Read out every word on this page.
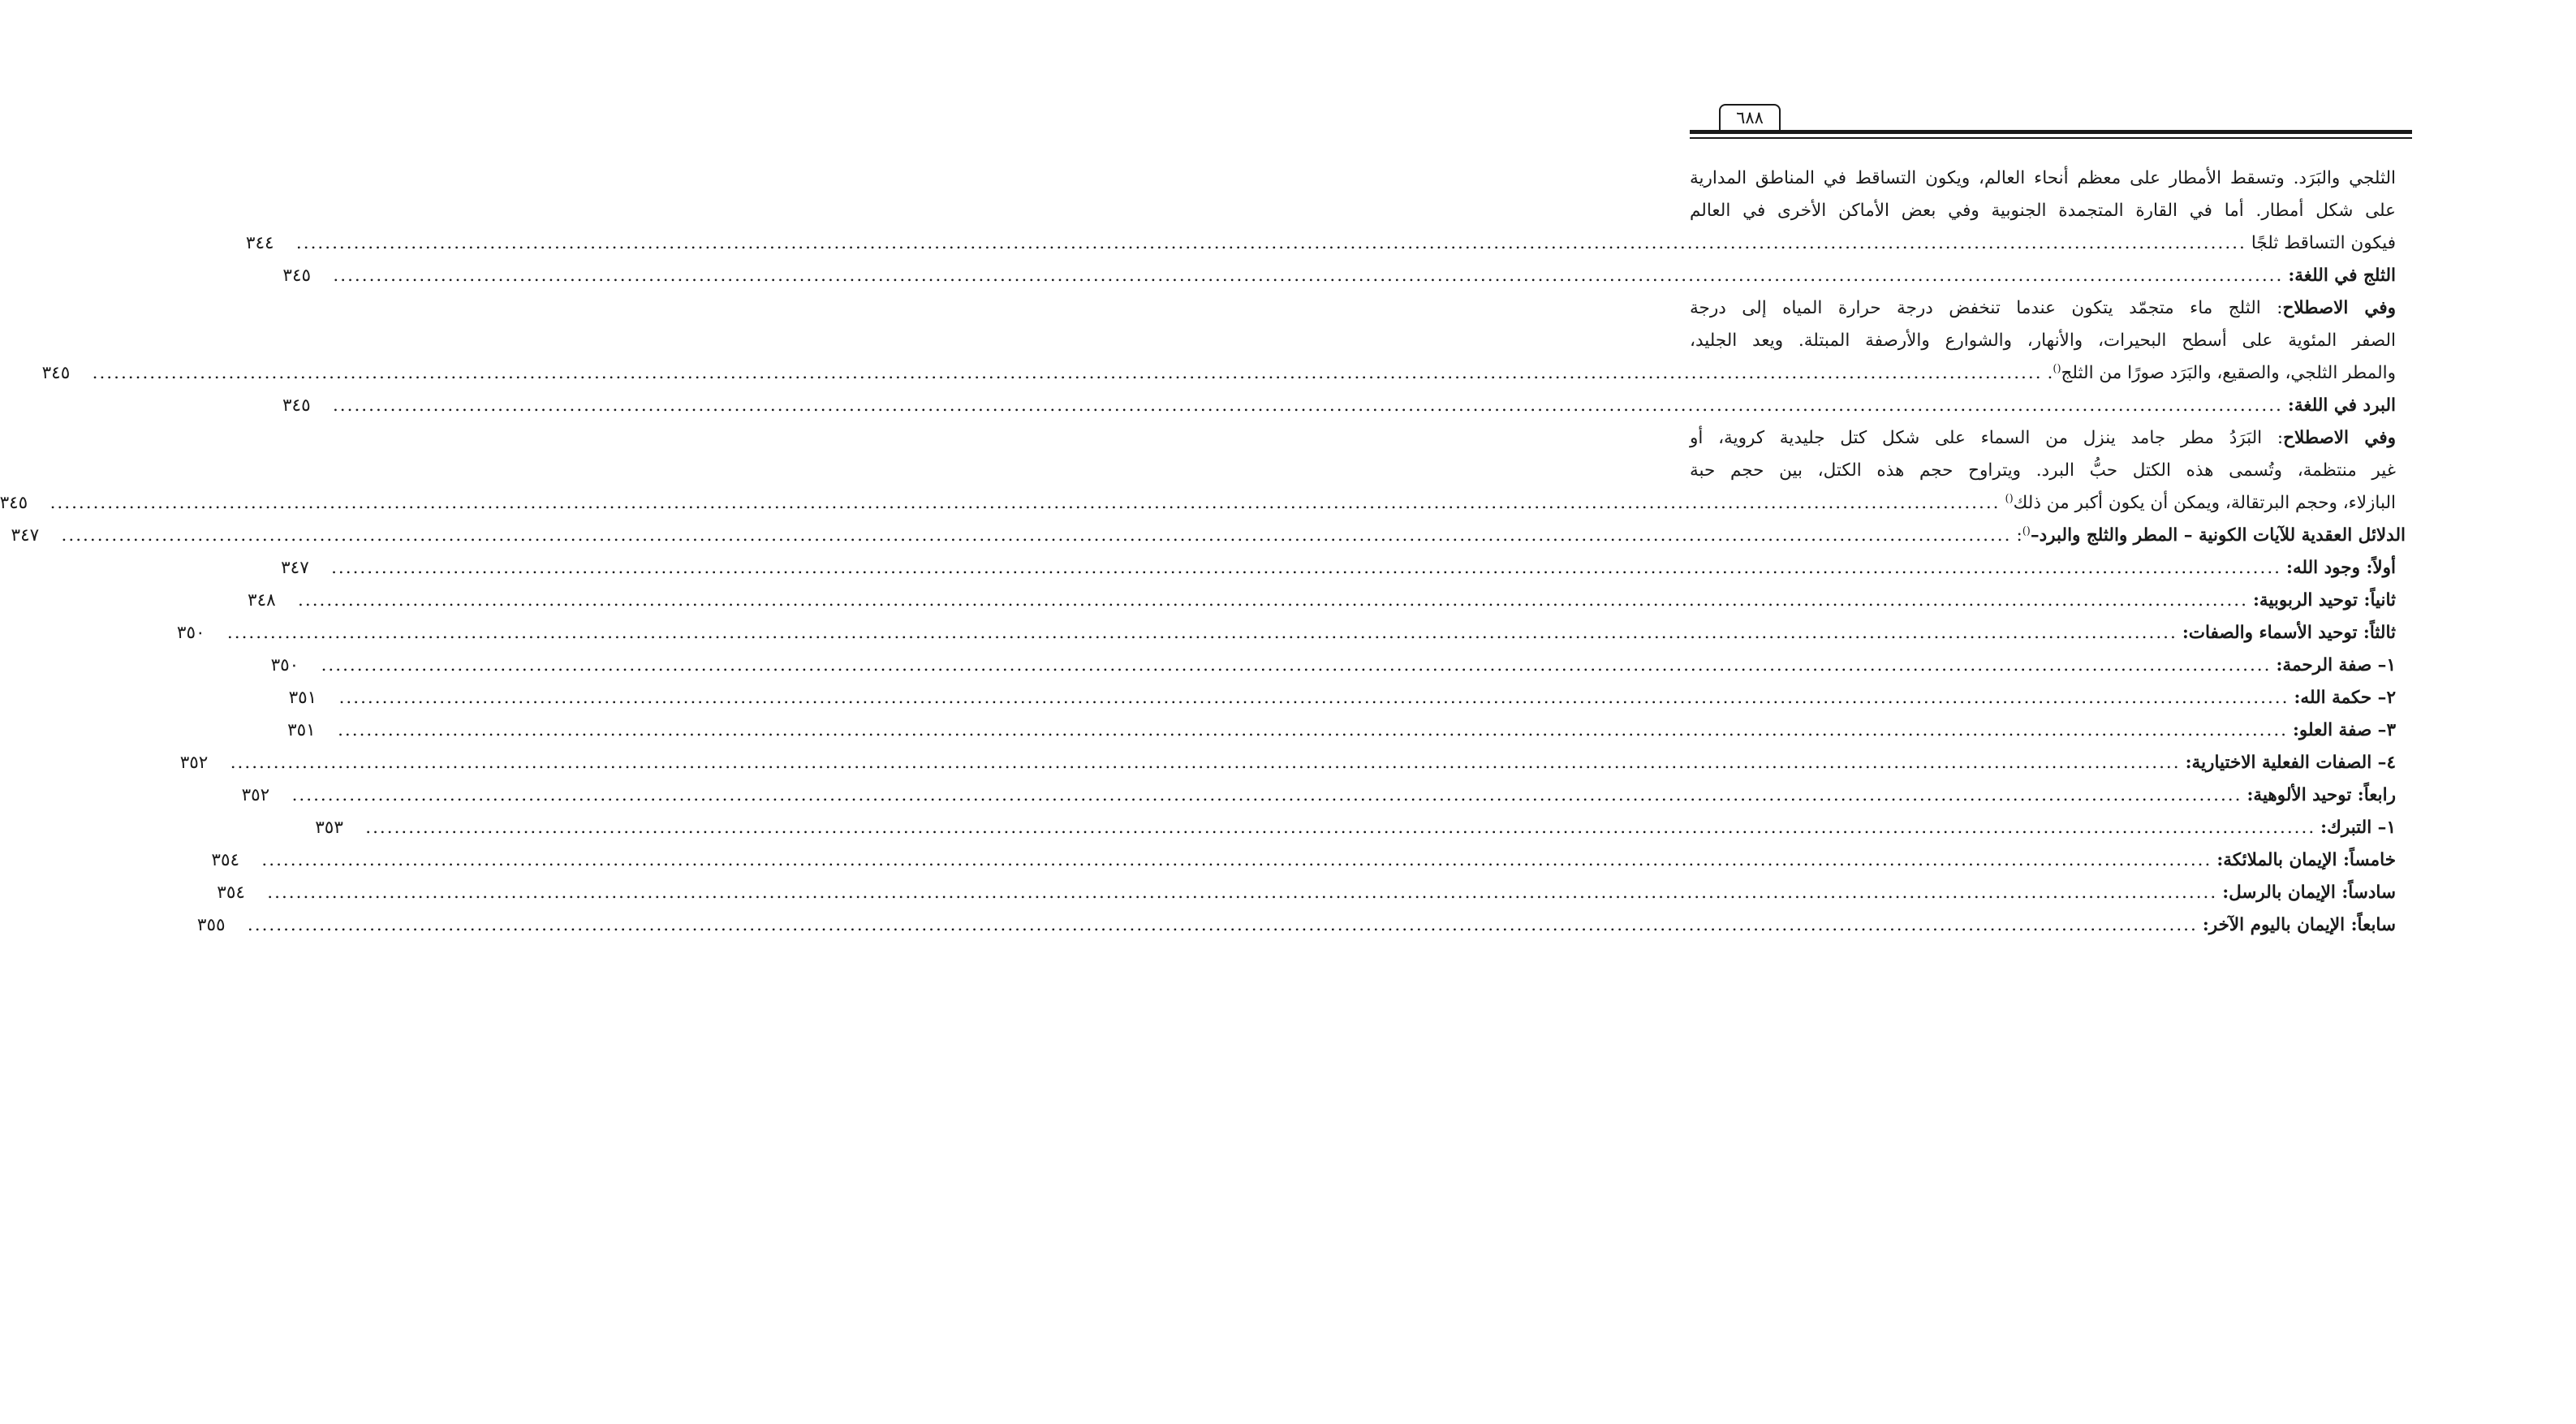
٦٨٨
الثلجي والبَرَد. وتسقط الأمطار على معظم أنحاء العالم، ويكون التساقط في المناطق المدارية
على شكل أمطار. أما في القارة المتجمدة الجنوبية وفي بعض الأماكن الأخرى في العالم
فيكون التساقط ثلجًا
.....
٣٤٤
الثلج في اللغة:
.....
٣٤٥
وفي الاصطلاح: الثلج ماء متجمّد يتكون عندما تنخفض درجة حرارة المياه إلى درجة
الصفر المئوية على أسطح البحيرات، والأنهار، والشوارع والأرصفة المبتلة. ويعد الجليد،
والمطر الثلجي، والصقيع، والبَرَد صورًا من الثلج().
.....
٣٤٥
البرد في اللغة:
.....
٣٤٥
وفي الاصطلاح: البَرَدُ مطر جامد ينزل من السماء على شكل كتل جليدية كروية، أو
غير منتظمة، وتُسمى هذه الكتل حبُّ البرد. ويتراوح حجم هذه الكتل، بين حجم حبة
البازلاء، وحجم البرتقالة، ويمكن أن يكون أكبر من ذلك()
.....
٣٤٥
الدلائل العقدية للآيات الكونية – المطر والثلج والبرد–():
.....
٣٤٧
أولاً: وجود الله:
.....
٣٤٧
ثانياً: توحيد الربوبية:
.....
٣٤٨
ثالثاً: توحيد الأسماء والصفات:
.....
٣٥٠
١– صفة الرحمة:
.....
٣٥٠
٢– حكمة الله:
.....
٣٥١
٣– صفة العلو:
.....
٣٥١
٤– الصفات الفعلية الاختيارية:
.....
٣٥٢
رابعاً: توحيد الألوهية:
.....
٣٥٢
١– التبرك:
.....
٣٥٣
خامساً: الإيمان بالملائكة:
.....
٣٥٤
سادساً: الإيمان بالرسل:
.....
٣٥٤
سابعاً: الإيمان باليوم الآخر:
.....
٣٥٥
